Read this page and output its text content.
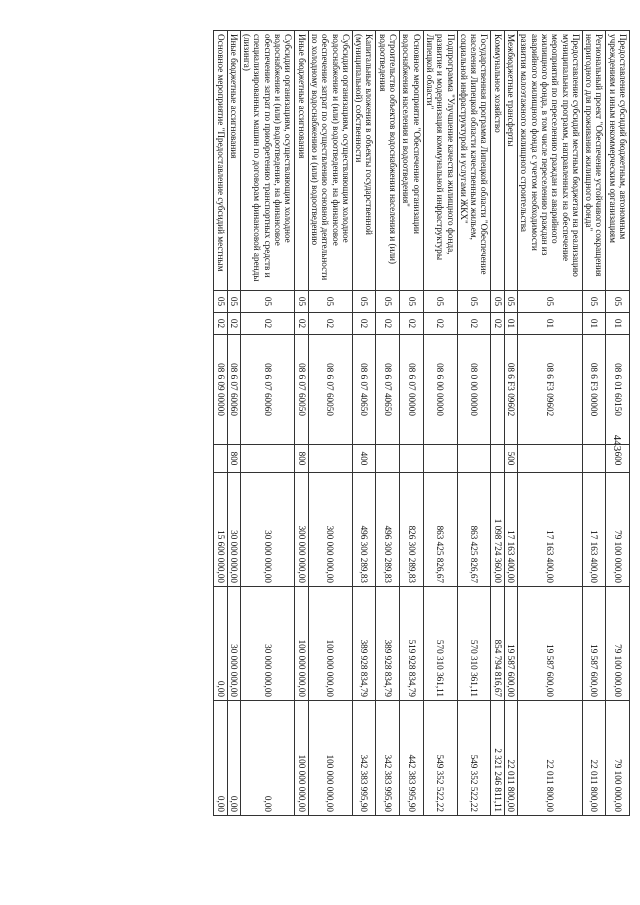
443
Предоставление субсидий бюджетным, автономным учреждениям и иным некоммерческим организациям	05	01	08 6 01 60150	600	79 100 000,00	79 100 000,00	79 100 000,00
Региональный проект "Обеспечение устойчивого сокращения непригодного для проживания жилищного фонда"	05	01	08 6 F3 00000		17 163 400,00	19 587 600,00	22 011 800,00
Предоставление субсидий местным бюджетам на реализацию муниципальных программ, направленных на обеспечение мероприятий по переселению граждан из аварийного жилищного фонда, в том числе переселению граждан из аварийного жилищного фонда с учетом необходимости развития малоэтажного жилищного строительства	05	01	08 6 F3 09602		17 163 400,00	19 587 600,00	22 011 800,00
Межбюджетные трансферты	05	01	08 6 F3 09602	500	17 163 400,00	19 587 600,00	22 011 800,00
Коммунальное хозяйство	05	02			1 098 724 360,00	854 794 816,67	2 321 246 811,11
Государственная программа Липецкой области "Обеспечение населения Липецкой области качественным жильем, социальной инфраструктурой и услугами ЖКХ"	05	02	08 0 00 00000		863 425 826,67	570 310 361,11	549 352 522,22
Подпрограмма "Улучшение качества жилищного фонда, развитие и модернизация коммунальной инфраструктуры Липецкой области"	05	02	08 6 00 00000		863 425 826,67	570 310 361,11	549 352 522,22
Основное мероприятие "Обеспечение организации водоснабжения населения и водоотведения"	05	02	08 6 07 00000		826 300 289,83	519 928 834,79	442 383 995,90
Строительство объектов водоснабжения населения и (или) водоотведения	05	02	08 6 07 40650		496 300 289,83	389 928 834,79	342 383 995,90
Капитальные вложения в объекты государственной (муниципальной) собственности	05	02	08 6 07 40650	400	496 300 289,83	389 928 834,79	342 383 995,90
Субсидии организациям, осуществляющим холодное водоснабжение и (или) водоотведение, на финансовое обеспечение затрат по осуществлению основной деятельности по холодному водоснабжению и (или) водоотведению	05	02	08 6 07 60050		300 000 000,00	100 000 000,00	100 000 000,00
Иные бюджетные ассигнования	05	02	08 6 07 60050	800	300 000 000,00	100 000 000,00	100 000 000,00
Субсидии организациям, осуществляющим холодное водоснабжение и (или) водоотведение, на финансовое обеспечение затрат по приобретению транспортных средств и специализированных машин по договорам финансовой аренды (лизинга)	05	02	08 6 07 60060		30 000 000,00	30 000 000,00	0,00
Иные бюджетные ассигнования	05	02	08 6 07 60060	800	30 000 000,00	30 000 000,00	0,00
Основное мероприятие "Предоставление субсидий местным	05	02	08 6 09 00000		15 600 000,00	0,00	0,00
